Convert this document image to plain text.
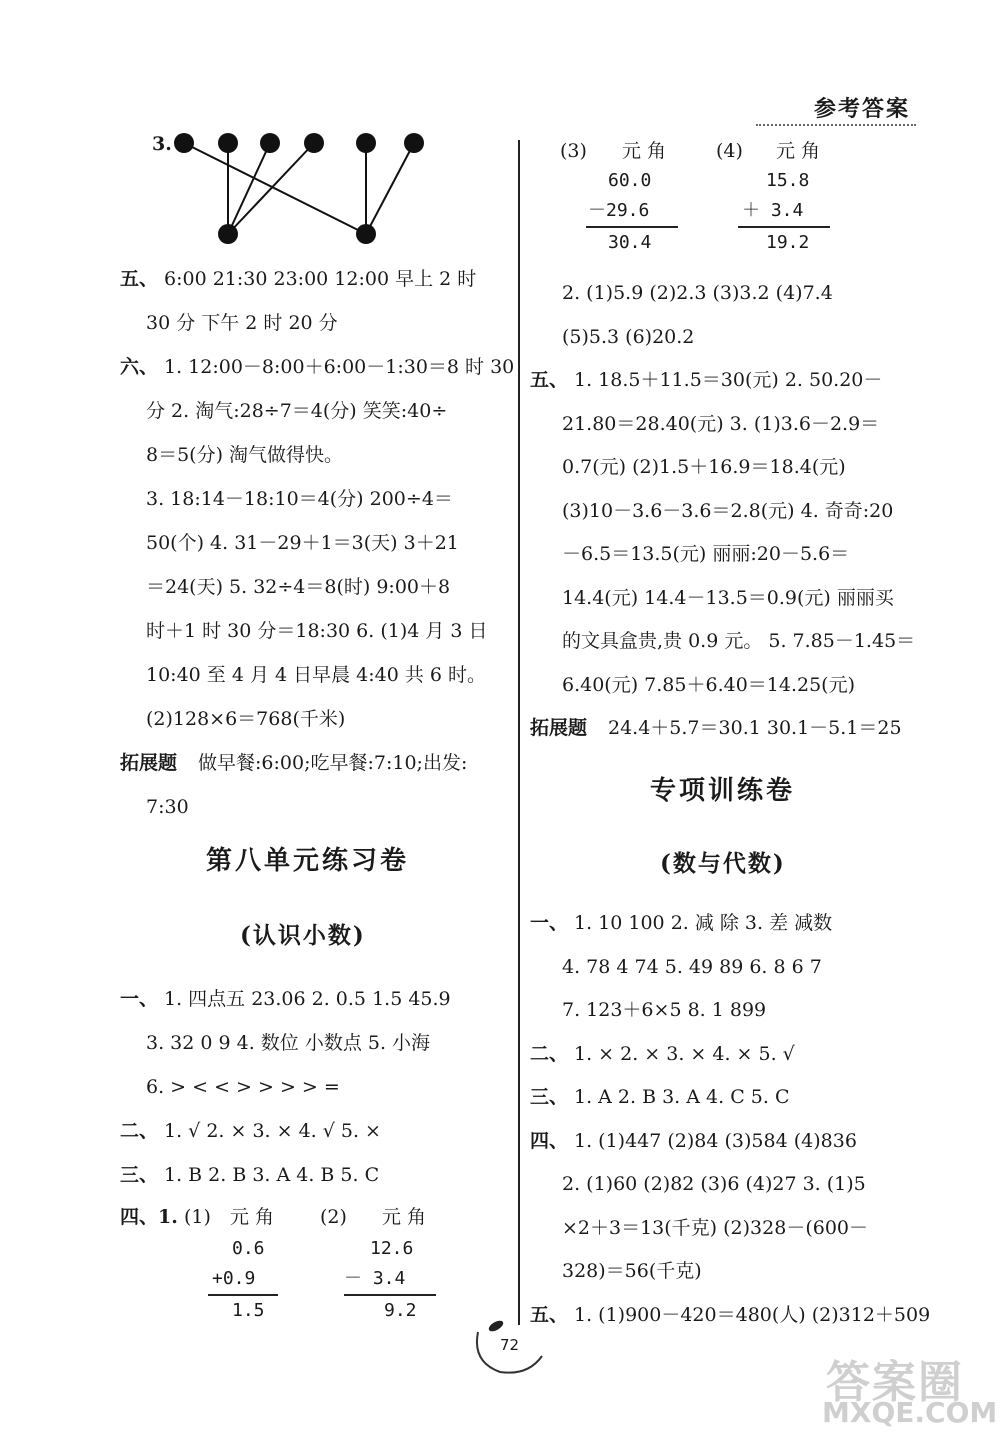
参考答案
3.
五、 6:00 21:30 23:00 12:00 早上 2 时
30 分 下午 2 时 20 分
六、 1. 12:00－8:00＋6:00－1:30＝8 时 30
分 2. 淘气:28÷7＝4(分) 笑笑:40÷
8＝5(分) 淘气做得快。
3. 18:14－18:10＝4(分) 200÷4＝
50(个) 4. 31－29＋1＝3(天) 3＋21
＝24(天) 5. 32÷4＝8(时) 9:00＋8
时＋1 时 30 分＝18:30 6. (1)4 月 3 日
10:40 至 4 月 4 日早晨 4:40 共 6 时。
(2)128×6＝768(千米)
拓展题 做早餐:6:00;吃早餐:7:10;出发:
7:30
第八单元练习卷
(认识小数)
一、 1. 四点五 23.06 2. 0.5 1.5 45.9
3. 32 0 9 4. 数位 小数点 5. 小海
6. > < < > > > > =
二、 1. √ 2. × 3. × 4. √ 5. ×
三、 1. B 2. B 3. A 4. B 5. C
四、1. (1) 元 角
0.6
+0.9
1.5
(2) 元 角
12.6
－ 3.4
9.2
(3) 元 角
60.0
－29.6
30.4
(4) 元 角
15.8
＋ 3.4
19.2
2. (1)5.9 (2)2.3 (3)3.2 (4)7.4
(5)5.3 (6)20.2
五、 1. 18.5＋11.5＝30(元) 2. 50.20－
21.80＝28.40(元) 3. (1)3.6－2.9＝
0.7(元) (2)1.5＋16.9＝18.4(元)
(3)10－3.6－3.6＝2.8(元) 4. 奇奇:20
－6.5＝13.5(元) 丽丽:20－5.6＝
14.4(元) 14.4－13.5＝0.9(元) 丽丽买
的文具盒贵,贵 0.9 元。 5. 7.85－1.45＝
6.40(元) 7.85＋6.40＝14.25(元)
拓展题 24.4＋5.7＝30.1 30.1－5.1＝25
专项训练卷
(数与代数)
一、 1. 10 100 2. 减 除 3. 差 减数
4. 78 4 74 5. 49 89 6. 8 6 7
7. 123＋6×5 8. 1 899
二、 1. × 2. × 3. × 4. × 5. √
三、 1. A 2. B 3. A 4. C 5. C
四、 1. (1)447 (2)84 (3)584 (4)836
2. (1)60 (2)82 (3)6 (4)27 3. (1)5
×2＋3＝13(千克) (2)328－(600－
328)＝56(千克)
五、 1. (1)900－420＝480(人) (2)312＋509
72
答案圈
MXQE.COM
